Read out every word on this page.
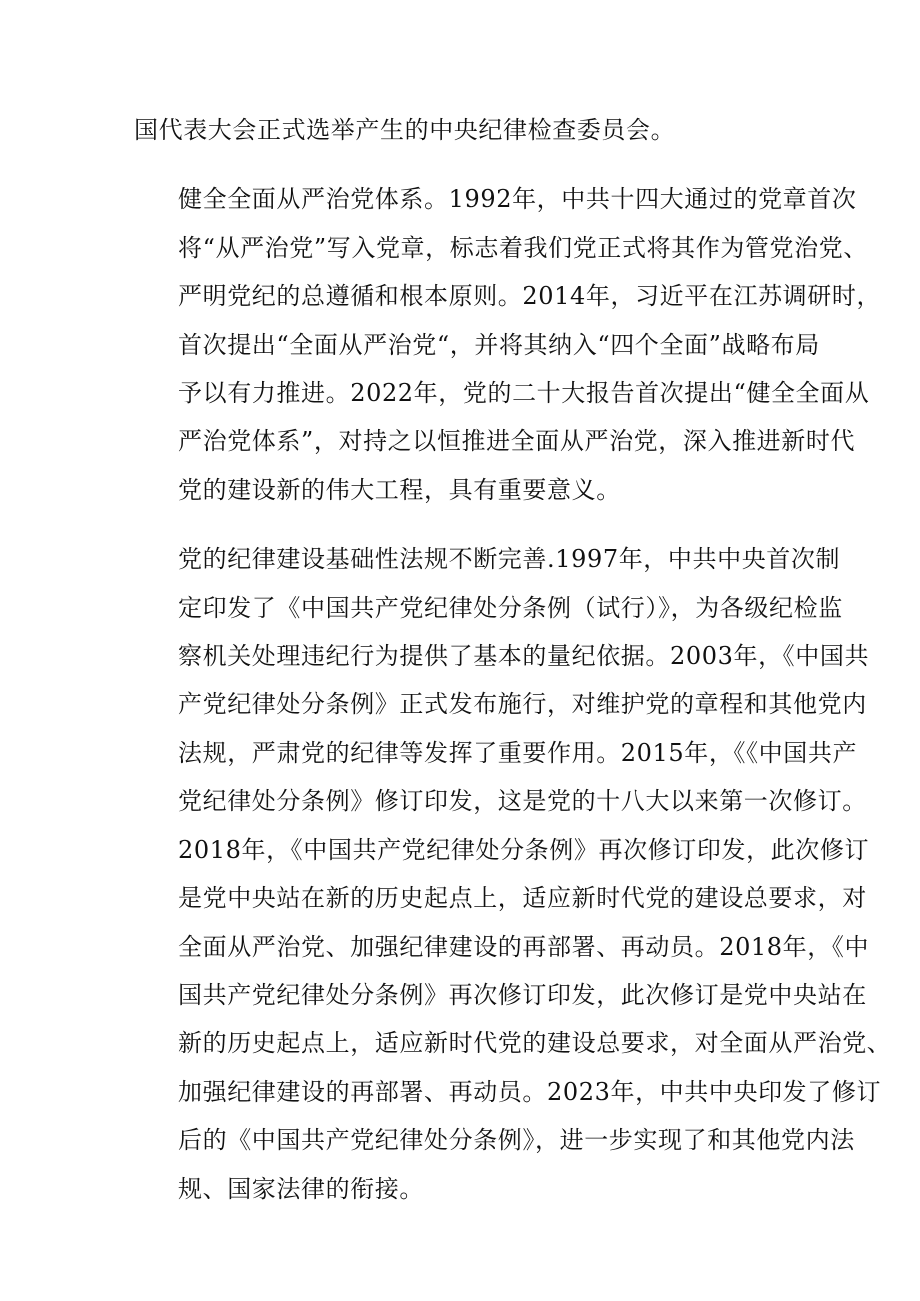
国代表大会正式选举产生的中央纪律检查委员会。

健全全面从严治党体系。1992年，中共十四大通过的党章首次
将“从严治党”写入党章，标志着我们党正式将其作为管党治党、
严明党纪的总遵循和根本原则。2014年，习近平在江苏调研时，
首次提出“全面从严治党“，并将其纳入“四个全面”战略布局
予以有力推进。2022年，党的二十大报告首次提出“健全全面从
严治党体系”，对持之以恒推进全面从严治党，深入推进新时代
党的建设新的伟大工程，具有重要意义。

党的纪律建设基础性法规不断完善.1997年，中共中央首次制
定印发了《中国共产党纪律处分条例（试行）》，为各级纪检监
察机关处理违纪行为提供了基本的量纪依据。2003年，《中国共
产党纪律处分条例》正式发布施行，对维护党的章程和其他党内
法规，严肃党的纪律等发挥了重要作用。2015年，《《中国共产
党纪律处分条例》修订印发，这是党的十八大以来第一次修订。
2018年，《中国共产党纪律处分条例》再次修订印发，此次修订
是党中央站在新的历史起点上，适应新时代党的建设总要求，对
全面从严治党、加强纪律建设的再部署、再动员。2018年，《中
国共产党纪律处分条例》再次修订印发，此次修订是党中央站在
新的历史起点上，适应新时代党的建设总要求，对全面从严治党、
加强纪律建设的再部署、再动员。2023年，中共中央印发了修订
后的《中国共产党纪律处分条例》，进一步实现了和其他党内法
规、国家法律的衔接。
